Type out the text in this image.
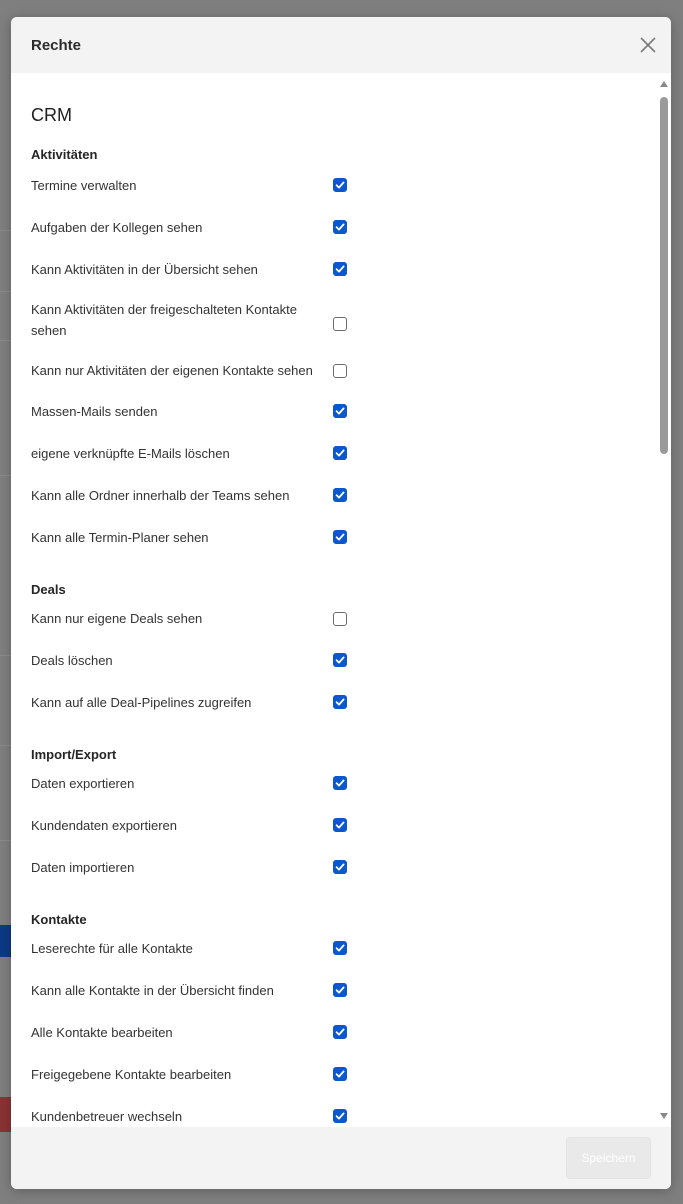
Rechte
CRM
Aktivitäten
Termine verwalten
Aufgaben der Kollegen sehen
Kann Aktivitäten in der Übersicht sehen
Kann Aktivitäten der freigeschalteten Kontakte sehen
Kann nur Aktivitäten der eigenen Kontakte sehen
Massen-Mails senden
eigene verknüpfte E-Mails löschen
Kann alle Ordner innerhalb der Teams sehen
Kann alle Termin-Planer sehen
Deals
Kann nur eigene Deals sehen
Deals löschen
Kann auf alle Deal-Pipelines zugreifen
Import/Export
Daten exportieren
Kundendaten exportieren
Daten importieren
Kontakte
Leserechte für alle Kontakte
Kann alle Kontakte in der Übersicht finden
Alle Kontakte bearbeiten
Freigegebene Kontakte bearbeiten
Kundenbetreuer wechseln
Speichern
